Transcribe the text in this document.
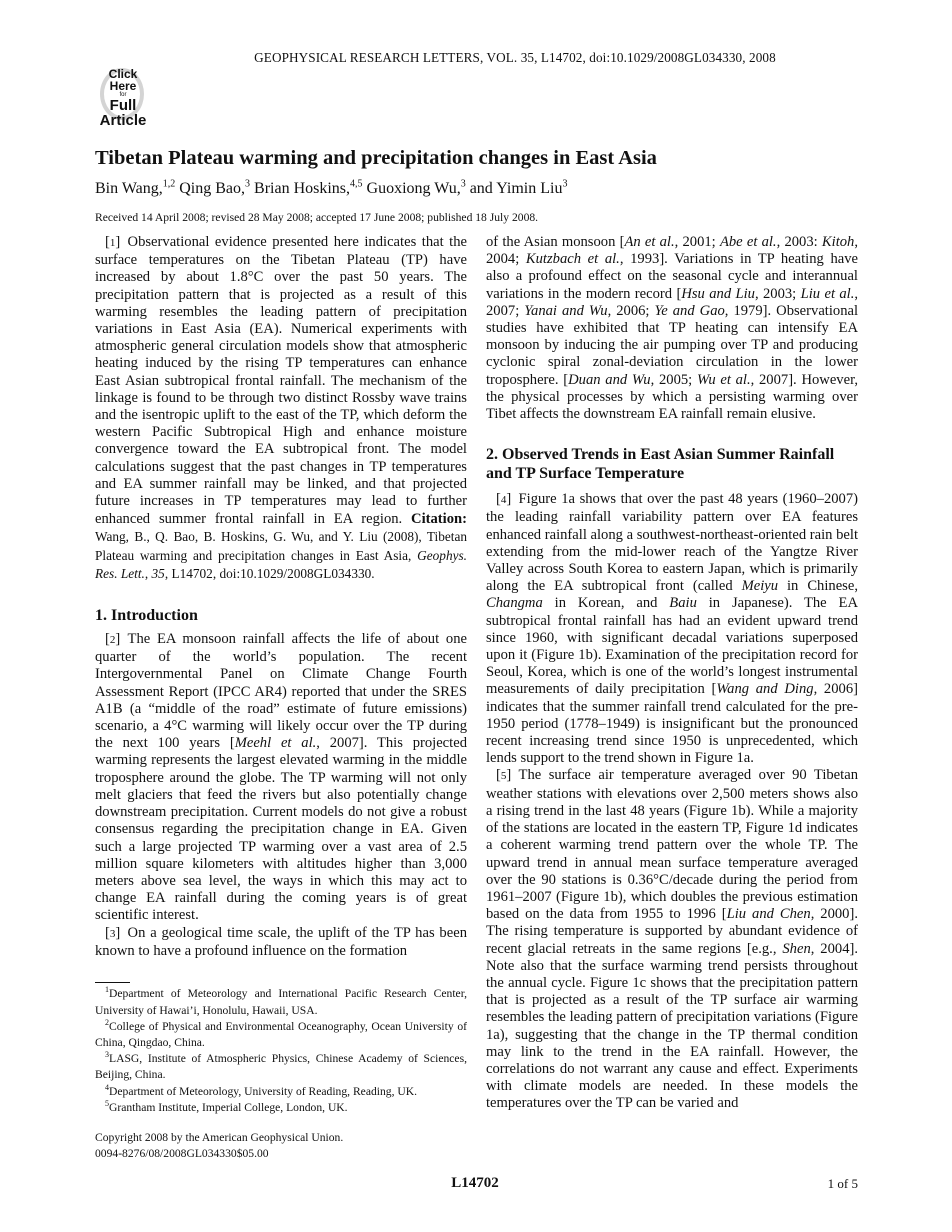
GEOPHYSICAL RESEARCH LETTERS, VOL. 35, L14702, doi:10.1029/2008GL034330, 2008
Click
Here
for
Full
Article
Tibetan Plateau warming and precipitation changes in East Asia
Bin Wang,$^{1,2}$ Qing Bao,$^3$ Brian Hoskins,$^{4,5}$ Guoxiong Wu,$^3$ and Yimin Liu$^3$
Received 14 April 2008; revised 28 May 2008; accepted 17 June 2008; published 18 July 2008.

[1] Observational evidence presented here indicates that the surface temperatures on the Tibetan Plateau (TP) have increased by about 1.8°C over the past 50 years. The precipitation pattern that is projected as a result of this warming resembles the leading pattern of precipitation variations in East Asia (EA). Numerical experiments with atmospheric general circulation models show that atmospheric heating induced by the rising TP temperatures can enhance East Asian subtropical frontal rainfall. The mechanism of the linkage is found to be through two distinct Rossby wave trains and the isentropic uplift to the east of the TP, which deform the western Pacific Subtropical High and enhance moisture convergence toward the EA subtropical front. The model calculations suggest that the past changes in TP temperatures and EA summer rainfall may be linked, and that projected future increases in TP temperatures may lead to further enhanced summer frontal rainfall in EA region. Citation: Wang, B., Q. Bao, B. Hoskins, G. Wu, and Y. Liu (2008), Tibetan Plateau warming and precipitation changes in East Asia, Geophys. Res. Lett., 35, L14702, doi:10.1029/2008GL034330.

1. Introduction

[2] The EA monsoon rainfall affects the life of about one quarter of the world’s population. The recent Intergovernmental Panel on Climate Change Fourth Assessment Report (IPCC AR4) reported that under the SRES A1B (a “middle of the road” estimate of future emissions) scenario, a 4°C warming will likely occur over the TP during the next 100 years [Meehl et al., 2007]. This projected warming represents the largest elevated warming in the middle troposphere around the globe. The TP warming will not only melt glaciers that feed the rivers but also potentially change downstream precipitation. Current models do not give a robust consensus regarding the precipitation change in EA. Given such a large projected TP warming over a vast area of 2.5 million square kilometers with altitudes higher than 3,000 meters above sea level, the ways in which this may act to change EA rainfall during the coming years is of great scientific interest.

[3] On a geological time scale, the uplift of the TP has been known to have a profound influence on the formation

$^1$Department of Meteorology and International Pacific Research Center, University of Hawai’i, Honolulu, Hawaii, USA.

$^2$College of Physical and Environmental Oceanography, Ocean University of China, Qingdao, China.

$^3$LASG, Institute of Atmospheric Physics, Chinese Academy of Sciences, Beijing, China.

$^4$Department of Meteorology, University of Reading, Reading, UK.

$^5$Grantham Institute, Imperial College, London, UK.

Copyright 2008 by the American Geophysical Union.
0094-8276/08/2008GL034330$05.00

of the Asian monsoon [An et al., 2001; Abe et al., 2003: Kitoh, 2004; Kutzbach et al., 1993]. Variations in TP heating have also a profound effect on the seasonal cycle and interannual variations in the modern record [Hsu and Liu, 2003; Liu et al., 2007; Yanai and Wu, 2006; Ye and Gao, 1979]. Observational studies have exhibited that TP heating can intensify EA monsoon by inducing the air pumping over TP and producing cyclonic spiral zonal-deviation circulation in the lower troposphere. [Duan and Wu, 2005; Wu et al., 2007]. However, the physical processes by which a persisting warming over Tibet affects the downstream EA rainfall remain elusive.

2. Observed Trends in East Asian Summer Rainfall and TP Surface Temperature

[4] Figure 1a shows that over the past 48 years (1960–2007) the leading rainfall variability pattern over EA features enhanced rainfall along a southwest-northeast-oriented rain belt extending from the mid-lower reach of the Yangtze River Valley across South Korea to eastern Japan, which is primarily along the EA subtropical front (called Meiyu in Chinese, Changma in Korean, and Baiu in Japanese). The EA subtropical frontal rainfall has had an evident upward trend since 1960, with significant decadal variations superposed upon it (Figure 1b). Examination of the precipitation record for Seoul, Korea, which is one of the world’s longest instrumental measurements of daily precipitation [Wang and Ding, 2006] indicates that the summer rainfall trend calculated for the pre-1950 period (1778–1949) is insignificant but the pronounced recent increasing trend since 1950 is unprecedented, which lends support to the trend shown in Figure 1a.

[5] The surface air temperature averaged over 90 Tibetan weather stations with elevations over 2,500 meters shows also a rising trend in the last 48 years (Figure 1b). While a majority of the stations are located in the eastern TP, Figure 1d indicates a coherent warming trend pattern over the whole TP. The upward trend in annual mean surface temperature averaged over the 90 stations is 0.36°C/decade during the period from 1961–2007 (Figure 1b), which doubles the previous estimation based on the data from 1955 to 1996 [Liu and Chen, 2000]. The rising temperature is supported by abundant evidence of recent glacial retreats in the same regions [e.g., Shen, 2004]. Note also that the surface warming trend persists throughout the annual cycle. Figure 1c shows that the precipitation pattern that is projected as a result of the TP surface air warming resembles the leading pattern of precipitation variations (Figure 1a), suggesting that the change in the TP thermal condition may link to the trend in the EA rainfall. However, the correlations do not warrant any cause and effect. Experiments with climate models are needed. In these models the temperatures over the TP can be varied and

L14702	1 of 5
